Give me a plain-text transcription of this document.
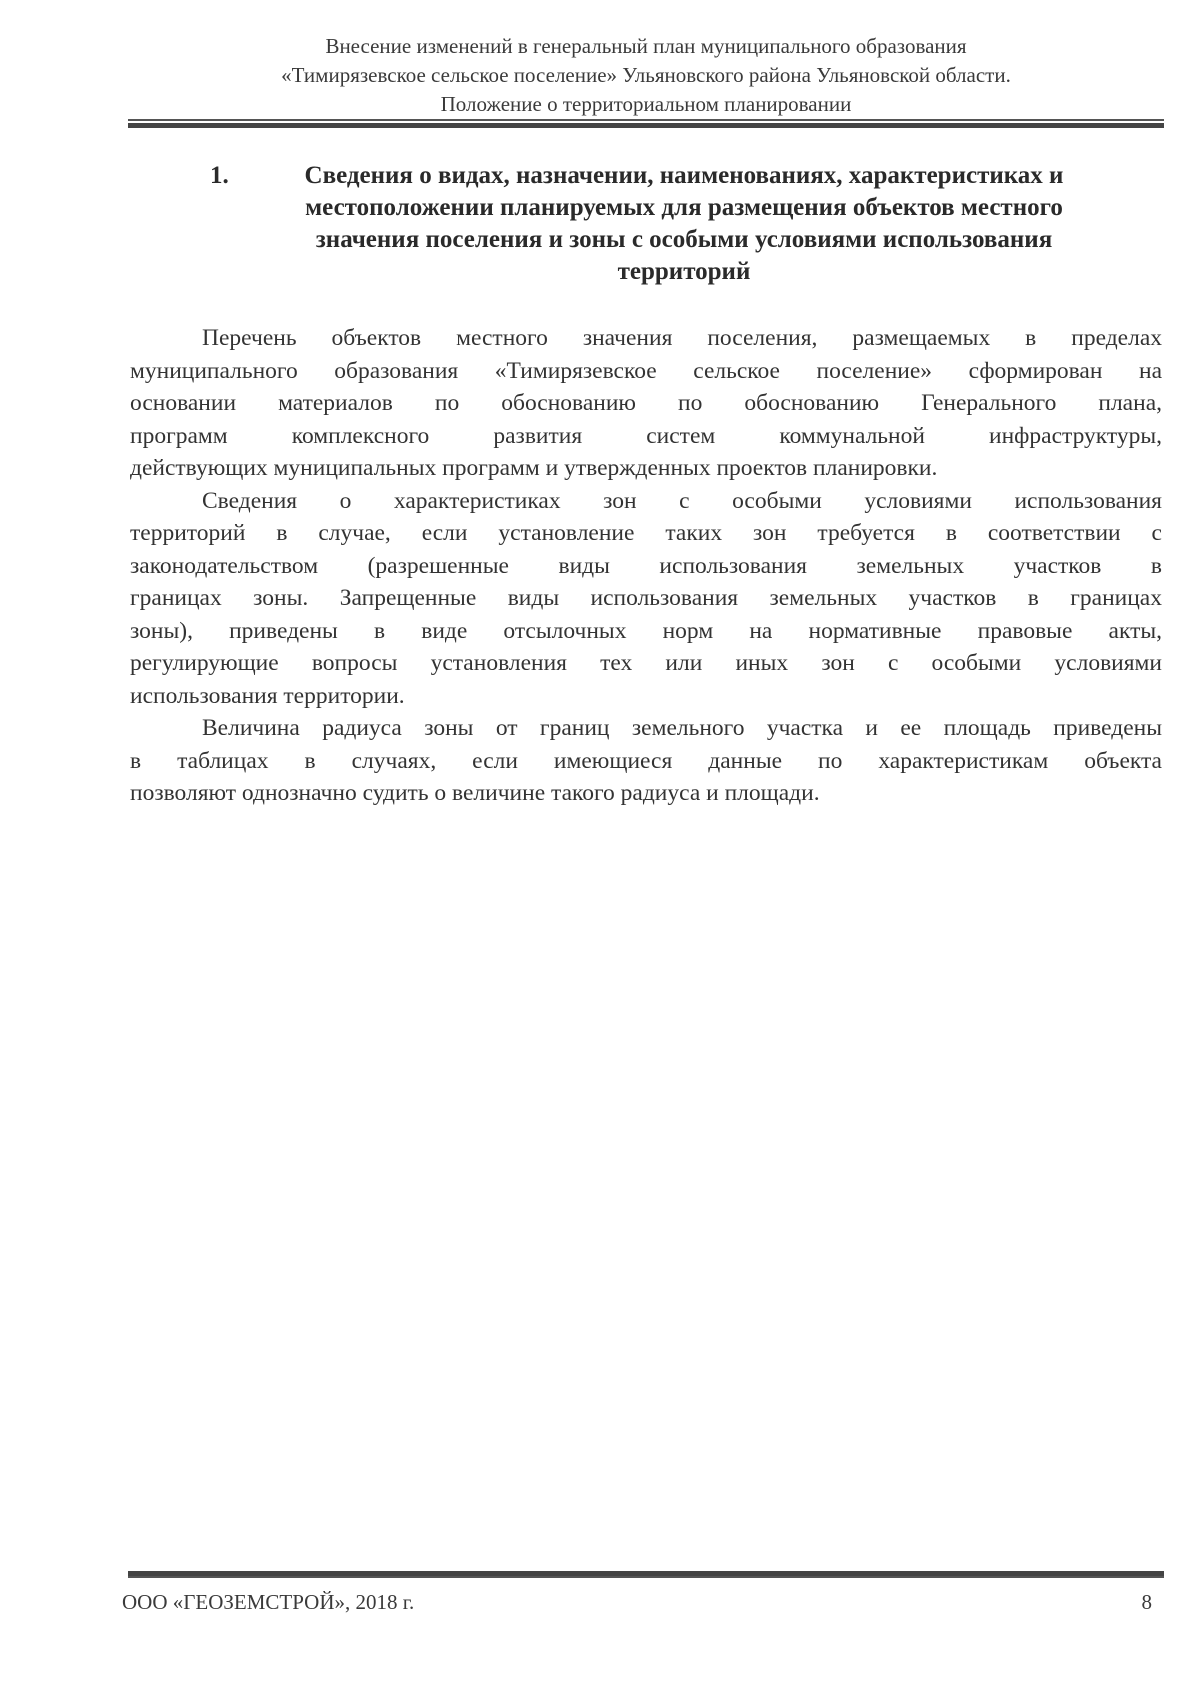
Внесение изменений в генеральный план муниципального образования
«Тимирязевское сельское поселение» Ульяновского района Ульяновской области.
Положение о территориальном планировании
1.	Сведения о видах, назначении, наименованиях, характеристиках и
местоположении планируемых для размещения объектов местного
значения поселения и зоны с особыми условиями использования
территорий
Перечень объектов местного значения поселения, размещаемых в пределах
муниципального образования «Тимирязевское сельское поселение» сформирован на
основании материалов по обоснованию по обоснованию Генерального плана,
программ комплексного развития систем коммунальной инфраструктуры,
действующих муниципальных программ и утвержденных проектов планировки.
Сведения о характеристиках зон с особыми условиями использования
территорий в случае, если установление таких зон требуется в соответствии с
законодательством (разрешенные виды использования земельных участков в
границах зоны. Запрещенные виды использования земельных участков в границах
зоны), приведены в виде отсылочных норм на нормативные правовые акты,
регулирующие вопросы установления тех или иных зон с особыми условиями
использования территории.
Величина радиуса зоны от границ земельного участка и ее площадь приведены
в таблицах в случаях, если имеющиеся данные по характеристикам объекта
позволяют однозначно судить о величине такого радиуса и площади.
ООО «ГЕОЗЕМСТРОЙ», 2018 г.	8
